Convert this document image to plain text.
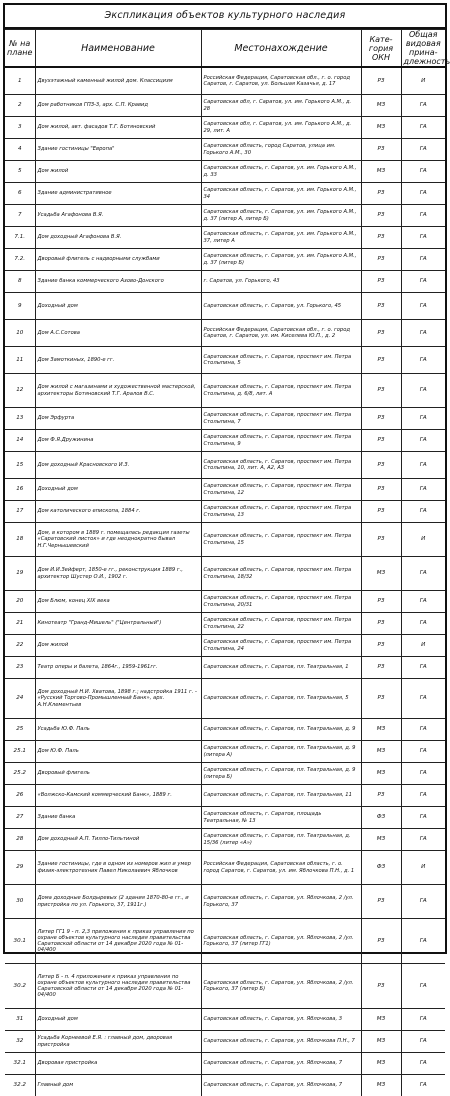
Экспликация объектов культурного наследия
№ на плане	Наименование	Местонахождение	Кате-гория ОКН	Общая видовая прина-длежность
1	Двухэтажный каменный жилой дом. Классицизм	Российская Федерация, Саратовская обл., г. о. город Саратов, г. Саратов, ул. Большая Казачья, д. 17	РЗ	И
2	Дом работников ГПЗ-3, арх. С.П. Кравид	Саратовская обл, г. Саратов, ул. им. Горького А.М., д. 28	МЗ	ГА
3	Дом жилой, авт. фасадов Т.Г. Ботяновский	Саратовская обл, г. Саратов, ул. им. Горького А.М., д. 29, лит. А	МЗ	ГА
4	Здание гостиницы "Европа"	Саратовская область, город Саратов, улица им. Горького А.М., 30	РЗ	ГА
5	Дом жилой	Саратовская область, г. Саратов, ул. им. Горького А.М., д. 33	МЗ	ГА
6	Здание административное	Саратовская область, г. Саратов, ул. им. Горького А.М., 34	РЗ	ГА
7	Усадьба Агафонова В.Я.	Саратовская область, г. Саратов, ул. им. Горького А.М., д. 37 (литер А, литер Б)	РЗ	ГА
7.1.	Дом доходный Агафонова В.Я.	Саратовская область, г. Саратов, ул. им. Горького А.М., 37, литер А	РЗ	ГА
7.2.	Дворовый флигель с надворными службами	Саратовская область, г. Саратов, ул. им. Горького А.М., д. 37 (литер Б)	РЗ	ГА
8	Здание банка коммерческого Азово-Донского	г. Саратов, ул. Горького, 43	РЗ	ГА
9	Доходный дом	Саратовская область, г. Саратов, ул. Горького, 45	РЗ	ГА
10	Дом А.С.Сотова	Российская Федерация, Саратовская обл., г. о. город Саратов, г. Саратов, ул. им. Киселева Ю.П., д. 2	РЗ	ГА
11	Дом Замоткиных, 1890-е гг.	Саратовская область, г. Саратов, проспект им. Петра Столыпина, 5	РЗ	ГА
12	Дом жилой с магазинами и художественной мастерской, архитекторы Ботяновский Т.Г. Аралов В.С.	Саратовская область, г. Саратов, проспект им. Петра Столыпина, д. 6/8, лит. А	РЗ	ГА
13	Дом Эрфурта	Саратовская область, г. Саратов, проспект им. Петра Столыпина, 7	РЗ	ГА
14	Дом Ф.Я.Дружинина	Саратовская область, г. Саратов, проспект им. Петра Столыпина, 9	РЗ	ГА
15	Дом доходный Красновского И.З.	Саратовская область, г. Саратов, проспект им. Петра Столыпина, 10, лит. А, А2, А3	РЗ	ГА
16	Доходный дом	Саратовская область, г. Саратов, проспект им. Петра Столыпина, 12	РЗ	ГА
17	Дом католического епископа, 1884 г.	Саратовская область, г. Саратов, проспект им. Петра Столыпина, 13	РЗ	ГА
18	Дом, в котором в 1889 г. помещалась редакция газеты «Саратовский листок» и где неоднократно бывал Н.Г.Чернышевский	Саратовская область, г. Саратов, проспект им. Петра Столыпина, 15	РЗ	И
19	Дом И.И.Зейферт, 1850-е гг., реконструкция 1889 г., архитектор Шустер О.И., 1902 г.	Саратовская область, г. Саратов, проспект им. Петра Столыпина, 18/32	МЗ	ГА
20	Дом Блюм, конец XIX века	Саратовская область, г. Саратов, проспект им. Петра Столыпина, 20/31	РЗ	ГА
21	Кинотеатр "Гранд-Мишель" ("Центральный")	Саратовская область, г. Саратов, проспект им. Петра Столыпина, 22	РЗ	ГА
22	Дом жилой	Саратовская область, г. Саратов, проспект им. Петра Столыпина, 24	РЗ	И
23	Театр оперы и балета, 1864г., 1959-1961гг.	Саратовская область, г. Саратов, пл. Театральная, 1	РЗ	ГА
24	Дом доходный Н.И. Хватова, 1898 г.; надстройка 1911 г. - «Русский Торгово-Промышленный Банк», арх. А.Н.Клементьев	Саратовская область, г. Саратов, пл. Театральная, 5	РЗ	ГА
25	Усадьба Ю.Ф. Паль	Саратовская область, г. Саратов, пл. Театральная, д. 9	МЗ	ГА
25.1	Дом Ю.Ф. Паль	Саратовская область, г. Саратов, пл. Театральная, д. 9 (литера А)	МЗ	ГА
25.2	Дворовый флигель	Саратовская область, г. Саратов, пл. Театральная, д. 9 (литера Б)	МЗ	ГА
26	«Волжско-Камский коммерческий Банк», 1889 г.	Саратовская область, г. Саратов, пл. Театральная, 11	РЗ	ГА
27	Здание банка	Саратовская область, г. Саратов, площадь Театральная, № 13	ФЗ	ГА
28	Дом доходный А.П. Тилло-Тильтиной	Саратовская область, г. Саратов, пл. Театральная, д. 15/36 (литер «А»)	МЗ	ГА
29	Здание гостиницы, где в одном из номеров жил и умер физик-электротехник Павел Николаевич Яблочков	Российская Федерация, Саратовская область, г. о. город Саратов, г. Саратов, ул. им. Яблочкова П.Н., д. 1	ФЗ	И
30	Дома доходные Болдыревых (2 здания 1870-80-е гг., и пристройка по ул. Горького, 37, 1911г.)	Саратовская область, г. Саратов, ул. Яблочкова, 2 /ул. Горького, 37	РЗ	ГА
30.1	Литер ГГ1 9 - п. 2,3 приложения к приказ управления по охране объектов культурного наследия правительства Саратовской области от 14 декабря 2020 года № 01-04/400	Саратовская область, г. Саратов, ул. Яблочкова, 2 /ул. Горького, 37 (литер ГГ1)	РЗ	ГА
30.2	Литер Б - п. 4 приложения к приказ управления по охране объектов культурного наследия правительства Саратовской области от 14 декабря 2020 года № 01-04/400	Саратовская область, г. Саратов, ул. Яблочкова, 2 /ул. Горького, 37 (литер Б)	РЗ	ГА
31	Доходный дом	Саратовская область, г. Саратов, ул. Яблочкова, 3	МЗ	ГА
32	Усадьба Корнеевой Е.Я. : главный дом, дворовая пристройка	Саратовская область, г. Саратов, ул. Яблочкова П.Н., 7	МЗ	ГА
32.1	Дворовая пристройка	Саратовская область, г. Саратов, ул. Яблочкова, 7	МЗ	ГА
32.2	Главный дом	Саратовская область, г. Саратов, ул. Яблочкова, 7	МЗ	ГА
